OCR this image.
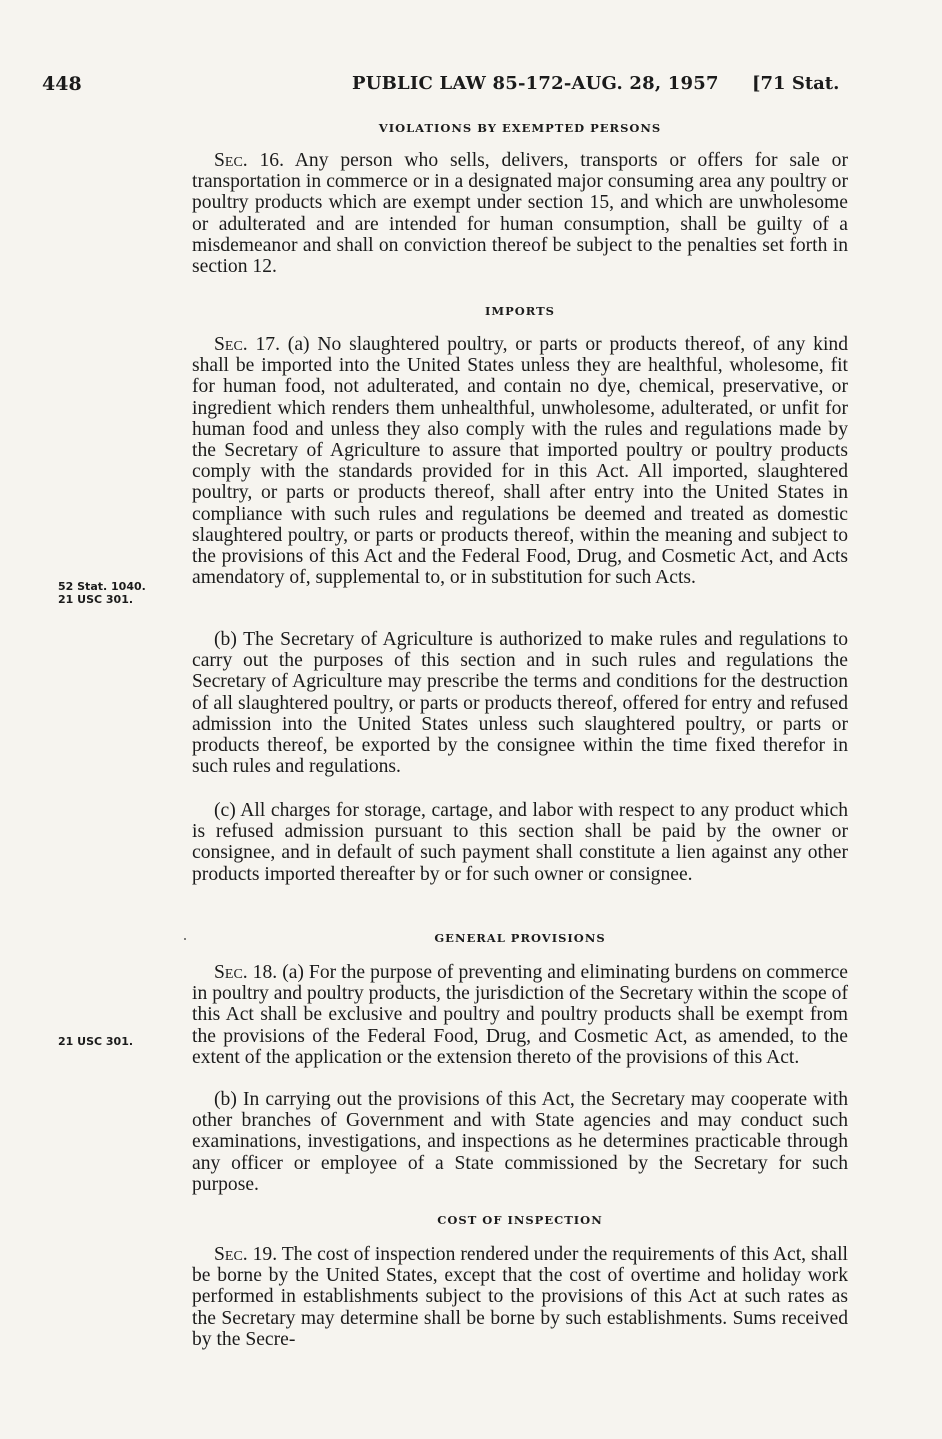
448	PUBLIC LAW 85-172-AUG. 28, 1957 [71 Stat.
VIOLATIONS BY EXEMPTED PERSONS
Sec. 16. Any person who sells, delivers, transports or offers for sale or transportation in commerce or in a designated major consuming area any poultry or poultry products which are exempt under section 15, and which are unwholesome or adulterated and are intended for human consumption, shall be guilty of a misdemeanor and shall on conviction thereof be subject to the penalties set forth in section 12.
IMPORTS
Sec. 17. (a) No slaughtered poultry, or parts or products thereof, of any kind shall be imported into the United States unless they are healthful, wholesome, fit for human food, not adulterated, and contain no dye, chemical, preservative, or ingredient which renders them unhealthful, unwholesome, adulterated, or unfit for human food and unless they also comply with the rules and regulations made by the Secretary of Agriculture to assure that imported poultry or poultry products comply with the standards provided for in this Act. All imported, slaughtered poultry, or parts or products thereof, shall after entry into the United States in compliance with such rules and regulations be deemed and treated as domestic slaughtered poultry, or parts or products thereof, within the meaning and subject to the provisions of this Act and the Federal Food, Drug, and Cosmetic Act, and Acts amendatory of, supplemental to, or in substitution for such Acts.
52 Stat. 1040.
21 USC 301.
(b) The Secretary of Agriculture is authorized to make rules and regulations to carry out the purposes of this section and in such rules and regulations the Secretary of Agriculture may prescribe the terms and conditions for the destruction of all slaughtered poultry, or parts or products thereof, offered for entry and refused admission into the United States unless such slaughtered poultry, or parts or products thereof, be exported by the consignee within the time fixed therefor in such rules and regulations.
(c) All charges for storage, cartage, and labor with respect to any product which is refused admission pursuant to this section shall be paid by the owner or consignee, and in default of such payment shall constitute a lien against any other products imported thereafter by or for such owner or consignee.
GENERAL PROVISIONS
Sec. 18. (a) For the purpose of preventing and eliminating burdens on commerce in poultry and poultry products, the jurisdiction of the Secretary within the scope of this Act shall be exclusive and poultry and poultry products shall be exempt from the provisions of the Federal Food, Drug, and Cosmetic Act, as amended, to the extent of the application or the extension thereto of the provisions of this Act.
21 USC 301.
(b) In carrying out the provisions of this Act, the Secretary may cooperate with other branches of Government and with State agencies and may conduct such examinations, investigations, and inspections as he determines practicable through any officer or employee of a State commissioned by the Secretary for such purpose.
COST OF INSPECTION
Sec. 19. The cost of inspection rendered under the requirements of this Act, shall be borne by the United States, except that the cost of overtime and holiday work performed in establishments subject to the provisions of this Act at such rates as the Secretary may determine shall be borne by such establishments. Sums received by the Secre-
